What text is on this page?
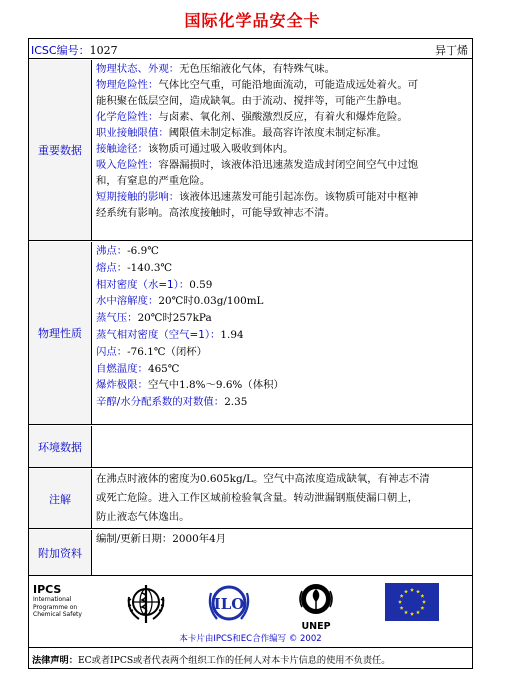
国际化学品安全卡
ICSC编号：1027	异丁烯
重要数据
物理状态、外观：无色压缩液化气体，有特殊气味。
物理危险性：气体比空气重，可能沿地面流动，可能造成远处着火。可
能积聚在低层空间，造成缺氧。由于流动、搅拌等，可能产生静电。
化学危险性：与卤素、氧化剂、强酸激烈反应，有着火和爆炸危险。
职业接触限值：阈限值未制定标准。最高容许浓度未制定标准。
接触途径：该物质可通过吸入吸收到体内。
吸入危险性：容器漏损时，该液体沿迅速蒸发造成封闭空间空气中过饱
和，有窒息的严重危险。
短期接触的影响：该液体迅速蒸发可能引起冻伤。该物质可能对中枢神
经系统有影响。高浓度接触时，可能导致神志不清。
物理性质
沸点：-6.9℃
熔点：-140.3℃
相对密度（水=1）：0.59
水中溶解度：20℃时0.03g/100mL
蒸气压：20℃时257kPa
蒸气相对密度（空气=1）：1.94
闪点：-76.1℃（闭杯）
自燃温度：465℃
爆炸极限：空气中1.8%～9.6%（体积）
辛醇/水分配系数的对数值：2.35
环境数据
注解
在沸点时液体的密度为0.605kg/L。空气中高浓度造成缺氧，有神志不清
或死亡危险。进入工作区域前检验氧含量。转动泄漏钢瓶使漏口朝上，
防止液态气体逸出。
附加资料
编制/更新日期：2000年4月
IPCS
International
Programme on
Chemical Safety
ILO
UNEP
本卡片由IPCS和EC合作编写 © 2002
法律声明：EC或者IPCS或者代表两个组织工作的任何人对本卡片信息的使用不负责任。
